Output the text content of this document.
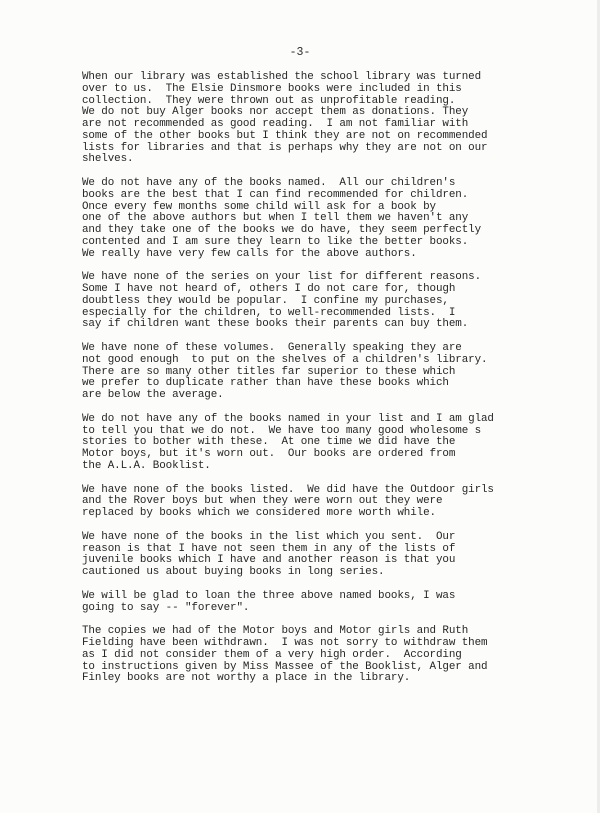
-3-
When our library was established the school library was turned
over to us.  The Elsie Dinsmore books were included in this
collection.  They were thrown out as unprofitable reading.
We do not buy Alger books nor accept them as donations. They
are not recommended as good reading.  I am not familiar with
some of the other books but I think they are not on recommended
lists for libraries and that is perhaps why they are not on our
shelves.
We do not have any of the books named.  All our children's
books are the best that I can find recommended for children.
Once every few months some child will ask for a book by
one of the above authors but when I tell them we haven't any
and they take one of the books we do have, they seem perfectly
contented and I am sure they learn to like the better books.
We really have very few calls for the above authors.
We have none of the series on your list for different reasons.
Some I have not heard of, others I do not care for, though
doubtless they would be popular.  I confine my purchases,
especially for the children, to well-recommended lists.  I
say if children want these books their parents can buy them.
We have none of these volumes.  Generally speaking they are
not good enough  to put on the shelves of a children's library.
There are so many other titles far superior to these which
we prefer to duplicate rather than have these books which
are below the average.
We do not have any of the books named in your list and I am glad
to tell you that we do not.  We have too many good wholesome s
stories to bother with these.  At one time we did have the
Motor boys, but it's worn out.  Our books are ordered from
the A.L.A. Booklist.
We have none of the books listed.  We did have the Outdoor girls
and the Rover boys but when they were worn out they were
replaced by books which we considered more worth while.
We have none of the books in the list which you sent.  Our
reason is that I have not seen them in any of the lists of
juvenile books which I have and another reason is that you
cautioned us about buying books in long series.
We will be glad to loan the three above named books, I was
going to say -- "forever".
The copies we had of the Motor boys and Motor girls and Ruth
Fielding have been withdrawn.  I was not sorry to withdraw them
as I did not consider them of a very high order.  According
to instructions given by Miss Massee of the Booklist, Alger and
Finley books are not worthy a place in the library.
